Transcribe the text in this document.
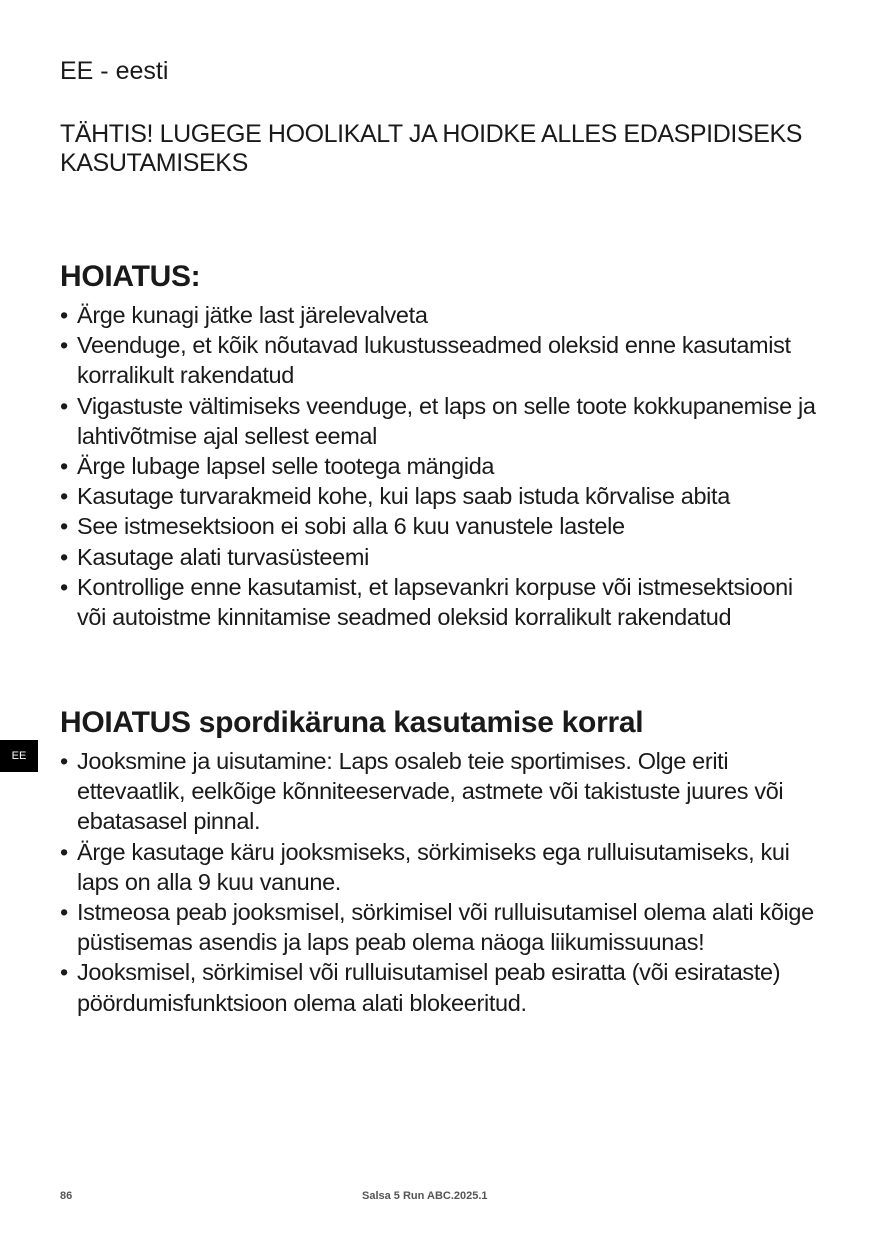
EE - eesti

TÄHTIS! LUGEGE HOOLIKALT JA HOIDKE ALLES EDASPIDISEKS KASUTAMISEKS

HOIATUS:
• Ärge kunagi jätke last järelevalveta
• Veenduge, et kõik nõutavad lukustusseadmed oleksid enne kasutamist korralikult rakendatud
• Vigastuste vältimiseks veenduge, et laps on selle toote kokkupanemise ja lahtivõtmise ajal sellest eemal
• Ärge lubage lapsel selle tootega mängida
• Kasutage turvarakmeid kohe, kui laps saab istuda kõrvalise abita
• See istmesektsioon ei sobi alla 6 kuu vanustele lastele
• Kasutage alati turvasüsteemi
• Kontrollige enne kasutamist, et lapsevankri korpuse või istmesektsiooni või autoistme kinnitamise seadmed oleksid korralikult rakendatud
HOIATUS spordikäruna kasutamise korral
• Jooksmine ja uisutamine: Laps osaleb teie sportimises. Olge eriti ettevaatlik, eelkõige kõnniteeservade, astmete või takistuste juures või ebatasasel pinnal.
• Ärge kasutage käru jooksmiseks, sörkimiseks ega rulluisutamiseks, kui laps on alla 9 kuu vanune.
• Istmeosa peab jooksmisel, sörkimisel või rulluisutamisel olema alati kõige püstisemas asendis ja laps peab olema näoga liikumissuunas!
• Jooksmisel, sörkimisel või rulluisutamisel peab esiratta (või esirataste) pöördumisfunktsioon olema alati blokeeritud.
EE
86	Salsa 5 Run ABC.2025.1
